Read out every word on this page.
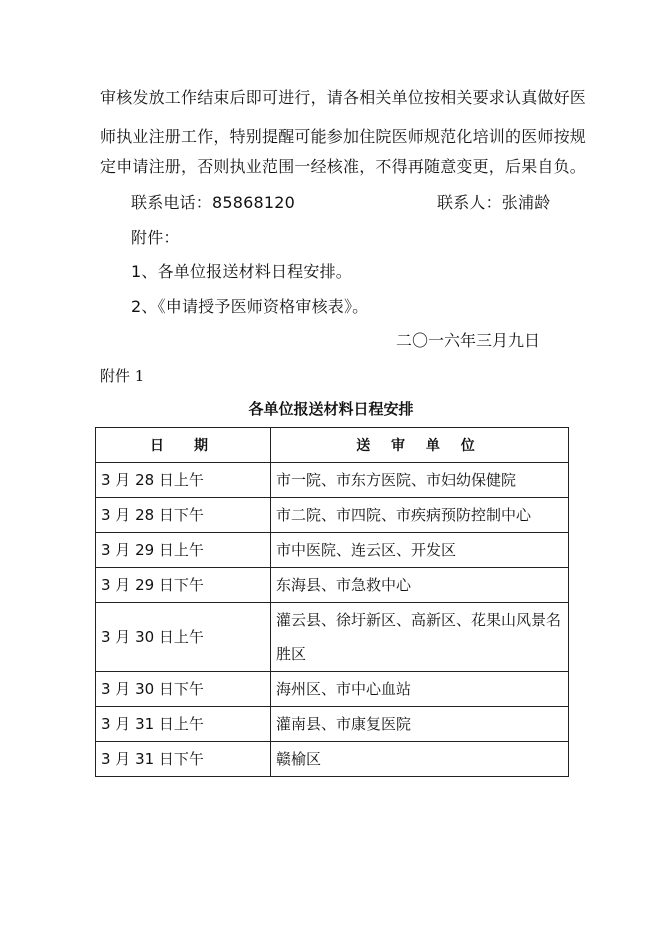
审核发放工作结束后即可进行，请各相关单位按相关要求认真做好医
师执业注册工作，特别提醒可能参加住院医师规范化培训的医师按规
定申请注册，否则执业范围一经核准，不得再随意变更，后果自负。
联系电话：85868120	联系人：张浦龄
附件：
1、各单位报送材料日程安排。
2、《申请授予医师资格审核表》。
二〇一六年三月九日
附件 1
各单位报送材料日程安排
日　期	送 审 单 位
3 月 28 日上午	市一院、市东方医院、市妇幼保健院
3 月 28 日下午	市二院、市四院、市疾病预防控制中心
3 月 29 日上午	市中医院、连云区、开发区
3 月 29 日下午	东海县、市急救中心
3 月 30 日上午	灌云县、徐圩新区、高新区、花果山风景名胜区
3 月 30 日下午	海州区、市中心血站
3 月 31 日上午	灌南县、市康复医院
3 月 31 日下午	赣榆区
